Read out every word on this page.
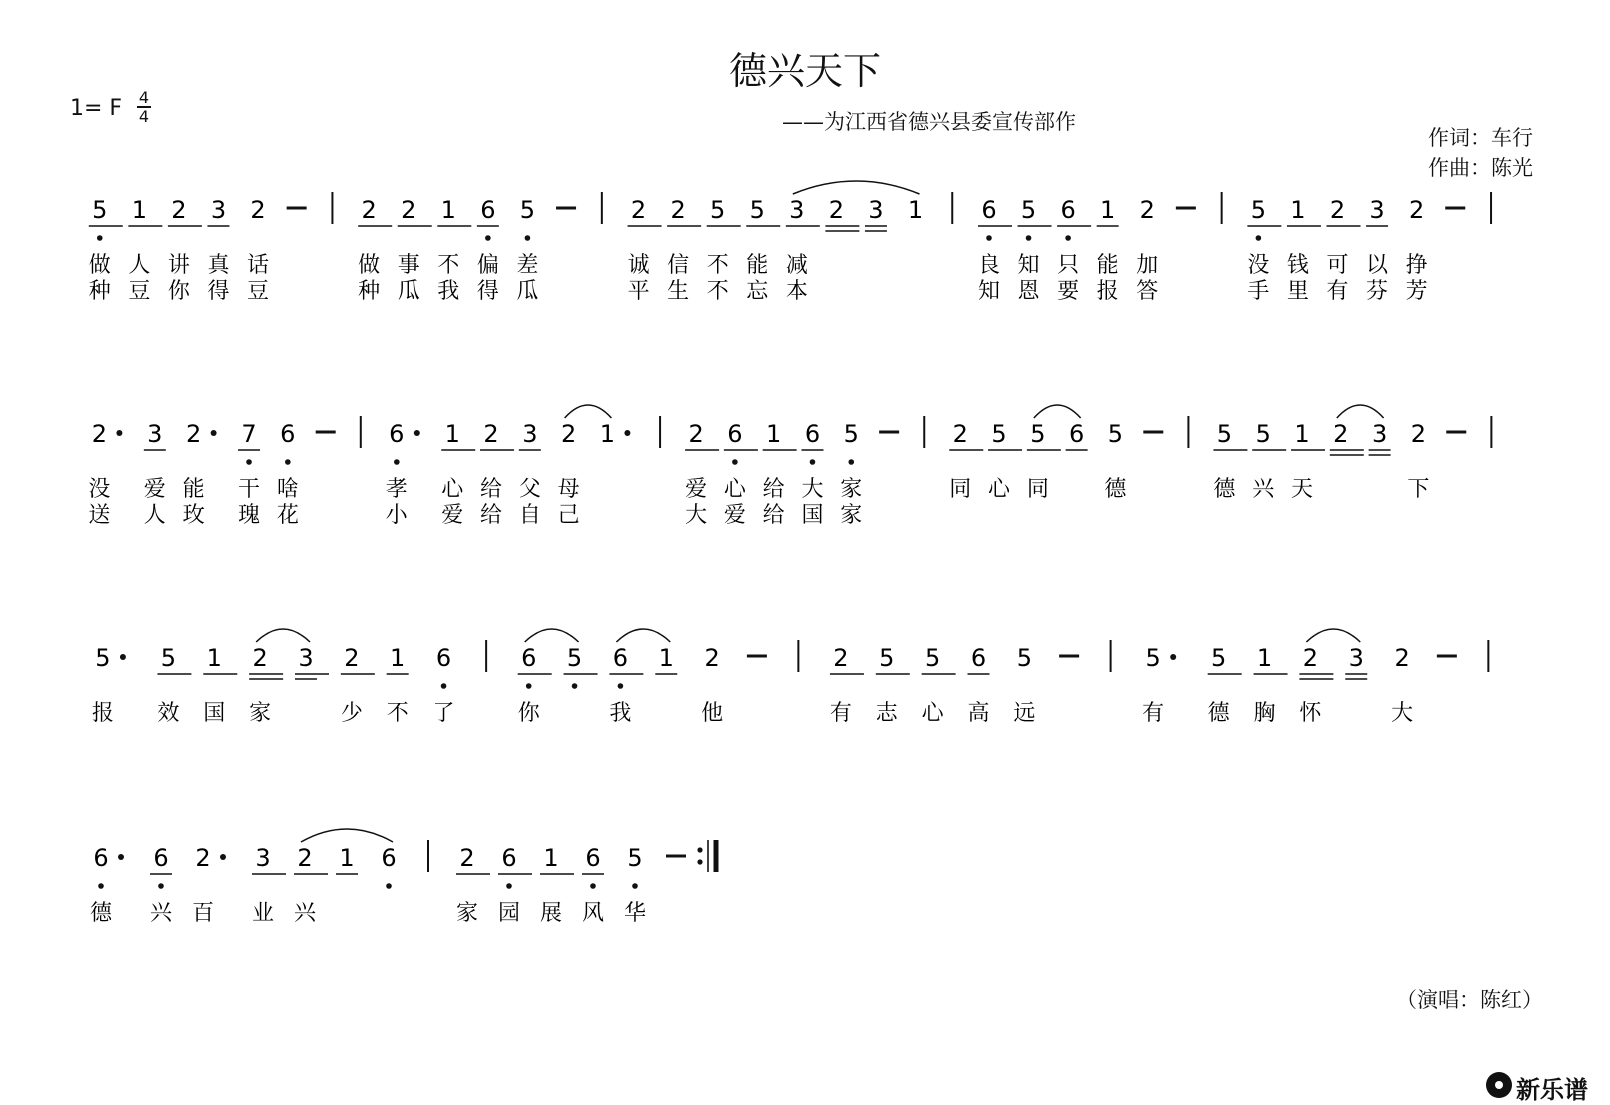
德兴天下
——为江西省德兴县委宣传部作
1= F 4
4
作词：车行
作曲：陈光
5
做
种
1
人
豆
2
讲
你
3
真
得
2
话
豆
2
做
种
2
事
瓜
1
不
我
6
偏
得
5
差
瓜
2
诚
平
2
信
生
5
不
不
5
能
忘
3
减
本
2 3 1 6
良
知
5
知
恩
6
只
要
1
能
报
2
加
答
5
没
手
1
钱
里
2
可
有
3
以
芬
2
挣
芳
2
没
送
3
爱
人
2
能
玫
7
干
瑰
6
啥
花
6
孝
小
1
心
爱
2
给
给
3
父
自
2
母
己
1	2
爱
大
6
心
爱
1
给
给
6
大
国
5
家
家
2
同
5
心
5
同
6 5
德
5
德
5
兴
1
天
2 3 2
下
5
报
5
效
1
国
2
家
3 2
少
1
不
6
了
6
你
5 6
我
1 2
他
2
有
5
志
5
心
6
高
5
远
5
有
5
德
1
胸
2
怀
3 2
大
6
德
6
兴
2
百
3
业
2
兴
1 6	2
家
6
园
1
展
6
风
5
华
（演唱：陈红）
新乐谱
